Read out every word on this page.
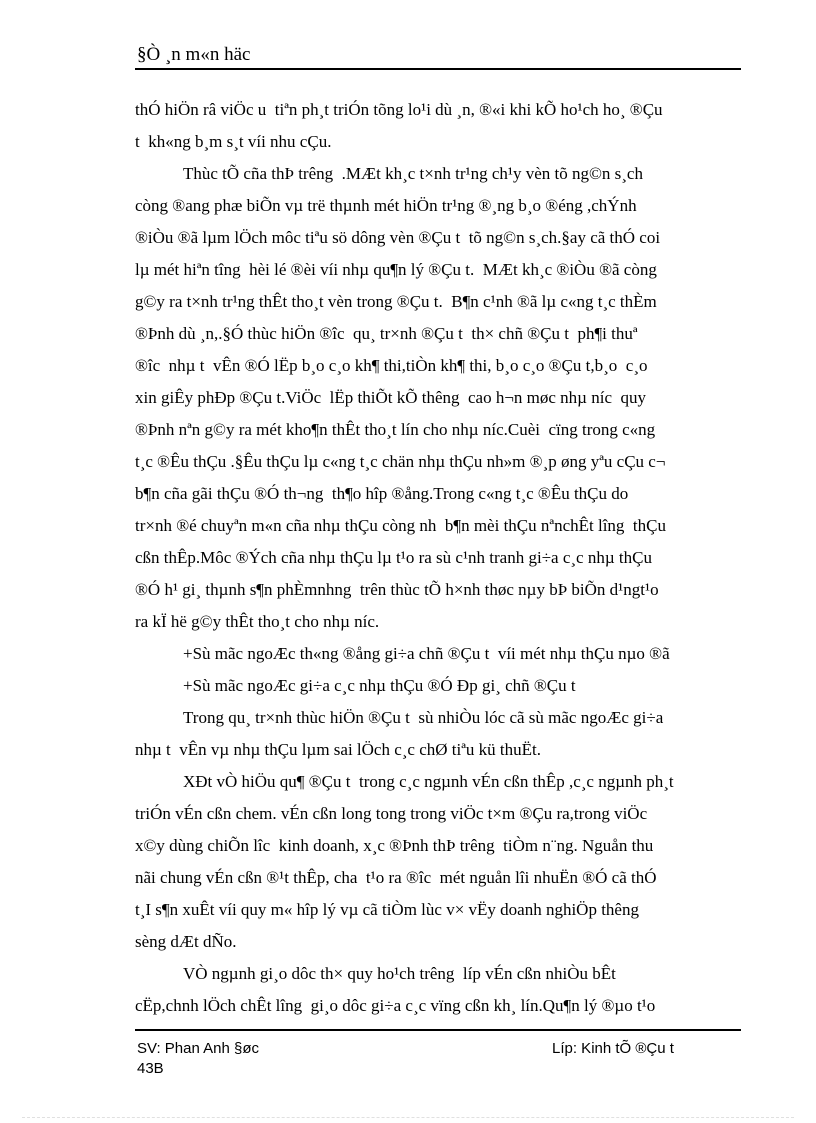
§Ò ¸n m«n häc
thÓ hiÖn râ viÖc u  tiªn ph¸t triÓn tõng lo¹i dù ¸n, ®«i khi kÕ ho¹ch ho¸ ®Çu
t  kh«ng b¸m s¸t víi nhu cÇu.
Thùc tÕ cña thÞ trêng  .MÆt kh¸c t×nh tr¹ng ch¹y vèn tõ ng©n s¸ch
còng ®ang phæ biÕn vµ trë thµnh mét hiÖn tr¹ng ®¸ng b¸o ®éng ,chÝnh
®iÒu ®ã lµm lÖch môc tiªu sö dông vèn ®Çu t  tõ ng©n s¸ch.§ay cã thÓ coi
lµ mét hiªn tîng  hèi lé ®èi víi nhµ qu¶n lý ®Çu t.  MÆt kh¸c ®iÒu ®ã còng
g©y ra t×nh tr¹ng thÊt tho¸t vèn trong ®Çu t.  B¶n c¹nh ®ã lµ c«ng t¸c thÈm
®Þnh dù ¸n,.§Ó thùc hiÖn ®îc  qu¸ tr×nh ®Çu t  th× chñ ®Çu t  ph¶i thuª
®îc  nhµ t  vÊn ®Ó lËp b¸o c¸o kh¶ thi,tiÒn kh¶ thi, b¸o c¸o ®Çu t,b¸o  c¸o
xin giÊy phÐp ®Çu t.ViÖc  lËp thiÕt kÕ thêng  cao h¬n møc nhµ níc  quy
®Þnh nªn g©y ra mét kho¶n thÊt tho¸t lín cho nhµ níc.Cuèi  cïng trong c«ng
t¸c ®Êu thÇu .§Êu thÇu lµ c«ng t¸c chän nhµ thÇu nh»m ®¸p øng yªu cÇu c¬
b¶n cña gãi thÇu ®Ó th¬ng  th¶o hîp ®ång.Trong c«ng t¸c ®Êu thÇu do
tr×nh ®é chuyªn m«n cña nhµ thÇu còng nh  b¶n mèi thÇu nªnchÊt lîng  thÇu
cßn thÊp.Môc ®Ých cña nhµ thÇu lµ t¹o ra sù c¹nh tranh gi÷a c¸c nhµ thÇu
®Ó h¹ gi¸ thµnh s¶n phÈmnhng  trên thùc tÕ h×nh thøc nµy bÞ biÕn d¹ngt¹o
ra kÏ hë g©y thÊt tho¸t cho nhµ níc.
+Sù mãc ngoÆc th«ng ®ång gi÷a chñ ®Çu t  víi mét nhµ thÇu nµo ®ã
+Sù mãc ngoÆc gi÷a c¸c nhµ thÇu ®Ó Ðp gi¸ chñ ®Çu t
Trong qu¸ tr×nh thùc hiÖn ®Çu t  sù nhiÒu lóc cã sù mãc ngoÆc gi÷a
nhµ t  vÊn vµ nhµ thÇu lµm sai lÖch c¸c chØ tiªu kü thuËt.
XÐt vÒ hiÖu qu¶ ®Çu t  trong c¸c ngµnh vÉn cßn thÊp ,c¸c ngµnh ph¸t
triÓn vÉn cßn chem. vÉn cßn long tong trong viÖc t×m ®Çu ra,trong viÖc
x©y dùng chiÕn lîc  kinh doanh, x¸c ®Þnh thÞ trêng  tiÒm n¨ng. Nguån thu
nãi chung vÉn cßn ®¹t thÊp, cha  t¹o ra ®îc  mét nguån lîi nhuËn ®Ó cã thÓ
t¸I s¶n xuÊt víi quy m« hîp lý vµ cã tiÒm lùc v× vËy doanh nghiÖp thêng
sèng dÆt dÑo.
VÒ ngµnh gi¸o dôc th× quy ho¹ch trêng  líp vÉn cßn nhiÒu bÊt
cËp,chnh lÖch chÊt lîng  gi¸o dôc gi÷a c¸c vïng cßn kh¸ lín.Qu¶n lý ®µo t¹o
SV: Phan Anh §øc
43B
Líp: Kinh tÕ ®Çu t
